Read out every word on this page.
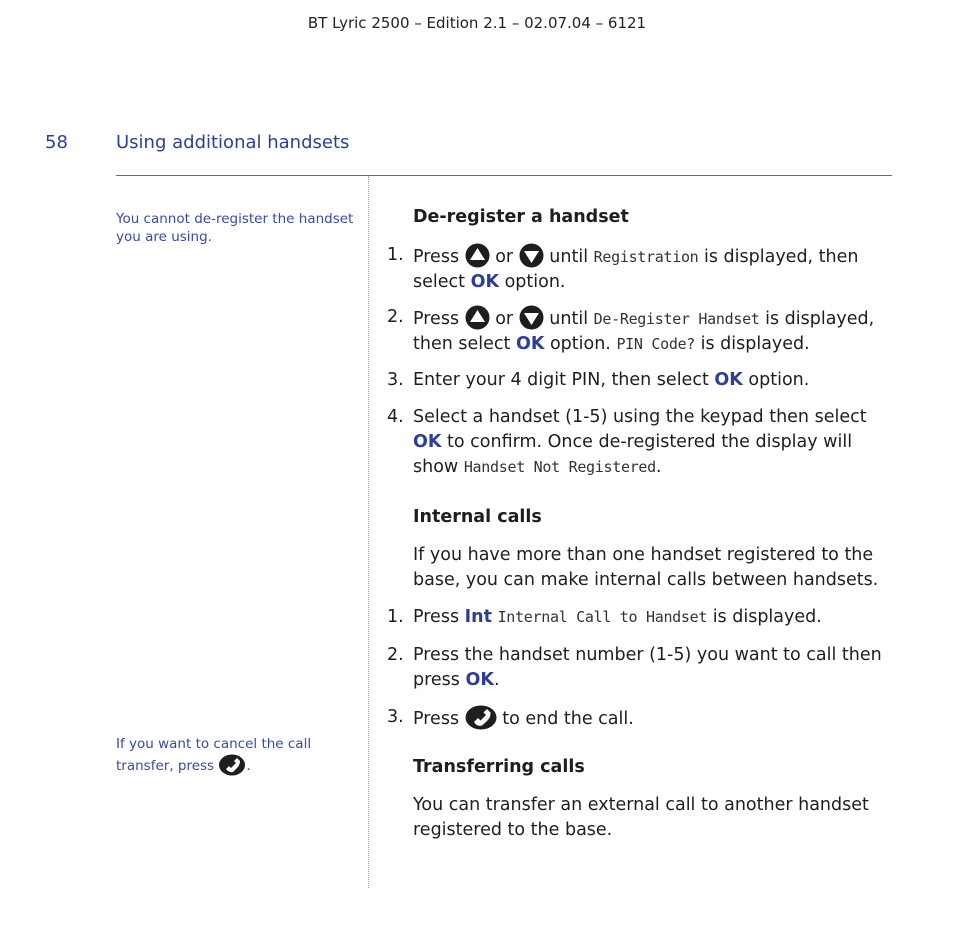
BT Lyric 2500 – Edition 2.1 – 02.07.04 – 6121
58	Using additional handsets
You cannot de-register the handset you are using.
If you want to cancel the call transfer, press .
De-register a handset
1. Press or until Registration is displayed, then select OK option.
2. Press or until De-Register Handset is displayed, then select OK option. PIN Code? is displayed.
3. Enter your 4 digit PIN, then select OK option.
4. Select a handset (1-5) using the keypad then select OK to confirm. Once de-registered the display will show Handset Not Registered.
Internal calls
If you have more than one handset registered to the base, you can make internal calls between handsets.
1. Press Int Internal Call to Handset is displayed.
2. Press the handset number (1-5) you want to call then press OK.
3. Press to end the call.
Transferring calls
You can transfer an external call to another handset registered to the base.
